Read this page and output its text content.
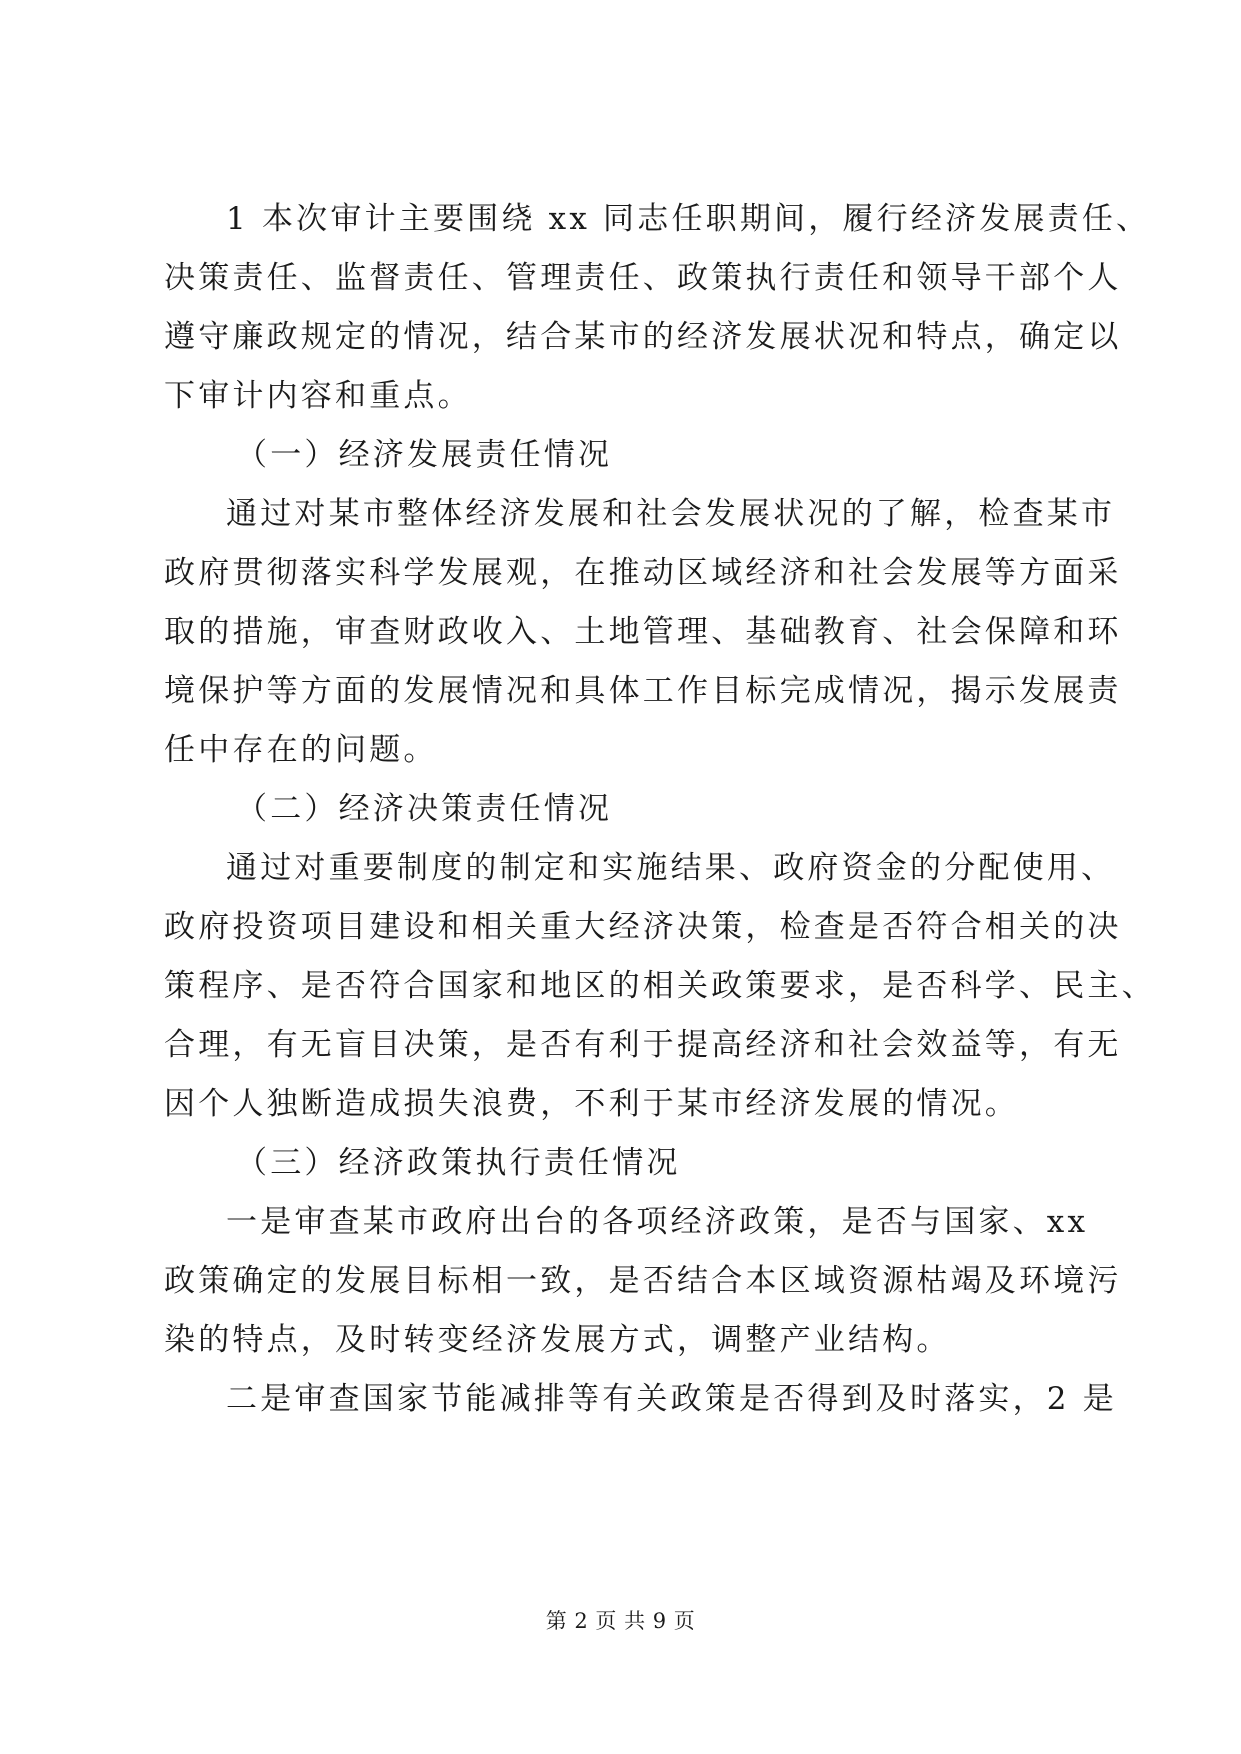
1 本次审计主要围绕 xx 同志任职期间，履行经济发展责任、
决策责任、监督责任、管理责任、政策执行责任和领导干部个人
遵守廉政规定的情况，结合某市的经济发展状况和特点，确定以
下审计内容和重点。
（一）经济发展责任情况
通过对某市整体经济发展和社会发展状况的了解，检查某市
政府贯彻落实科学发展观，在推动区域经济和社会发展等方面采
取的措施，审查财政收入、土地管理、基础教育、社会保障和环
境保护等方面的发展情况和具体工作目标完成情况，揭示发展责
任中存在的问题。
（二）经济决策责任情况
通过对重要制度的制定和实施结果、政府资金的分配使用、
政府投资项目建设和相关重大经济决策，检查是否符合相关的决
策程序、是否符合国家和地区的相关政策要求，是否科学、民主、
合理，有无盲目决策，是否有利于提高经济和社会效益等，有无
因个人独断造成损失浪费，不利于某市经济发展的情况。
（三）经济政策执行责任情况
一是审查某市政府出台的各项经济政策，是否与国家、xx
政策确定的发展目标相一致，是否结合本区域资源枯竭及环境污
染的特点，及时转变经济发展方式，调整产业结构。
二是审查国家节能减排等有关政策是否得到及时落实，2 是
第 2 页 共 9 页
